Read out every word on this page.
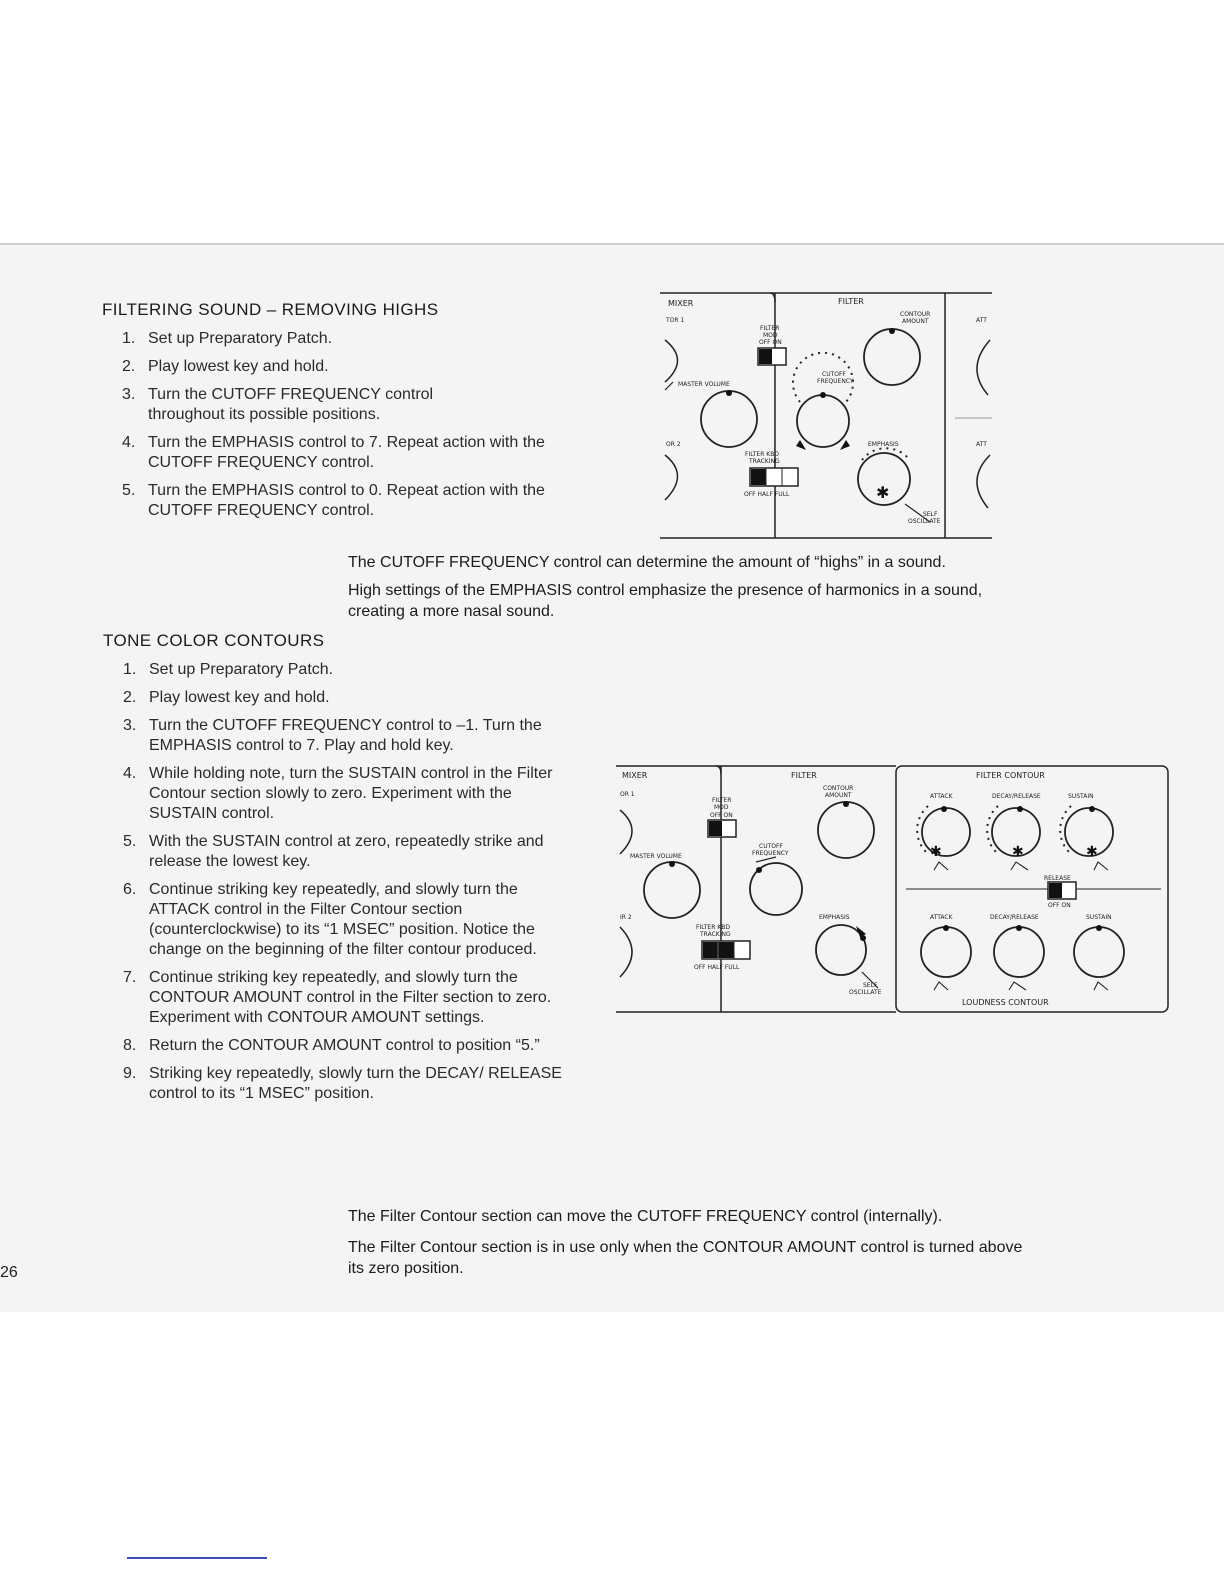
FILTERING SOUND – REMOVING HIGHS
1. Set up Preparatory Patch.
2. Play lowest key and hold.
3. Turn the CUTOFF FREQUENCY control throughout its possible positions.
4. Turn the EMPHASIS control to 7. Repeat action with the CUTOFF FREQUENCY control.
5. Turn the EMPHASIS control to 0. Repeat action with the CUTOFF FREQUENCY control.
MIXER	FILTER
TOR 1
MASTER VOLUME
OR 2
FILTER
MOD
OFF ON
CONTOUR
AMOUNT
CUTOFF
FREQUENCY
EMPHASIS
✱
FILTER KBD
TRACKING
OFF HALF FULL
SELF
OSCILLATE
ATT
ATT
The CUTOFF FREQUENCY control can determine the amount of “highs” in a sound.
High settings of the EMPHASIS control emphasize the presence of harmonics in a sound, creating a more nasal sound.
TONE COLOR CONTOURS
1. Set up Preparatory Patch.
2. Play lowest key and hold.
3. Turn the CUTOFF FREQUENCY control to –1. Turn the EMPHASIS control to 7. Play and hold key.
4. While holding note, turn the SUSTAIN control in the Filter Contour section slowly to zero. Experiment with the SUSTAIN control.
5. With the SUSTAIN control at zero, repeatedly strike and release the lowest key.
6. Continue striking key repeatedly, and slowly turn the ATTACK control in the Filter Contour section (counterclockwise) to its “1 MSEC” position. Notice the change on the beginning of the filter contour produced.
7. Continue striking key repeatedly, and slowly turn the CONTOUR AMOUNT control in the Filter section to zero. Experiment with CONTOUR AMOUNT settings.
8. Return the CONTOUR AMOUNT control to position “5.”
9. Striking key repeatedly, slowly turn the DECAY/ RELEASE control to its “1 MSEC” position.
MIXER	FILTER	FILTER CONTOUR
OR 1
MASTER VOLUME
IR 2
FILTER
MOD
OFF ON
CONTOUR
AMOUNT
CUTOFF
FREQUENCY
EMPHASIS
SELF
OSCILLATE
FILTER KBD
TRACKING
OFF HALF FULL
ATTACK
✱
DECAY/RELEASE
✱
SUSTAIN
✱
RELEASE
OFF ON
ATTACK	DECAY/RELEASE	SUSTAIN
LOUDNESS CONTOUR
The Filter Contour section can move the CUTOFF FREQUENCY control (internally).
The Filter Contour section is in use only when the CONTOUR AMOUNT control is turned above its zero position.
26
